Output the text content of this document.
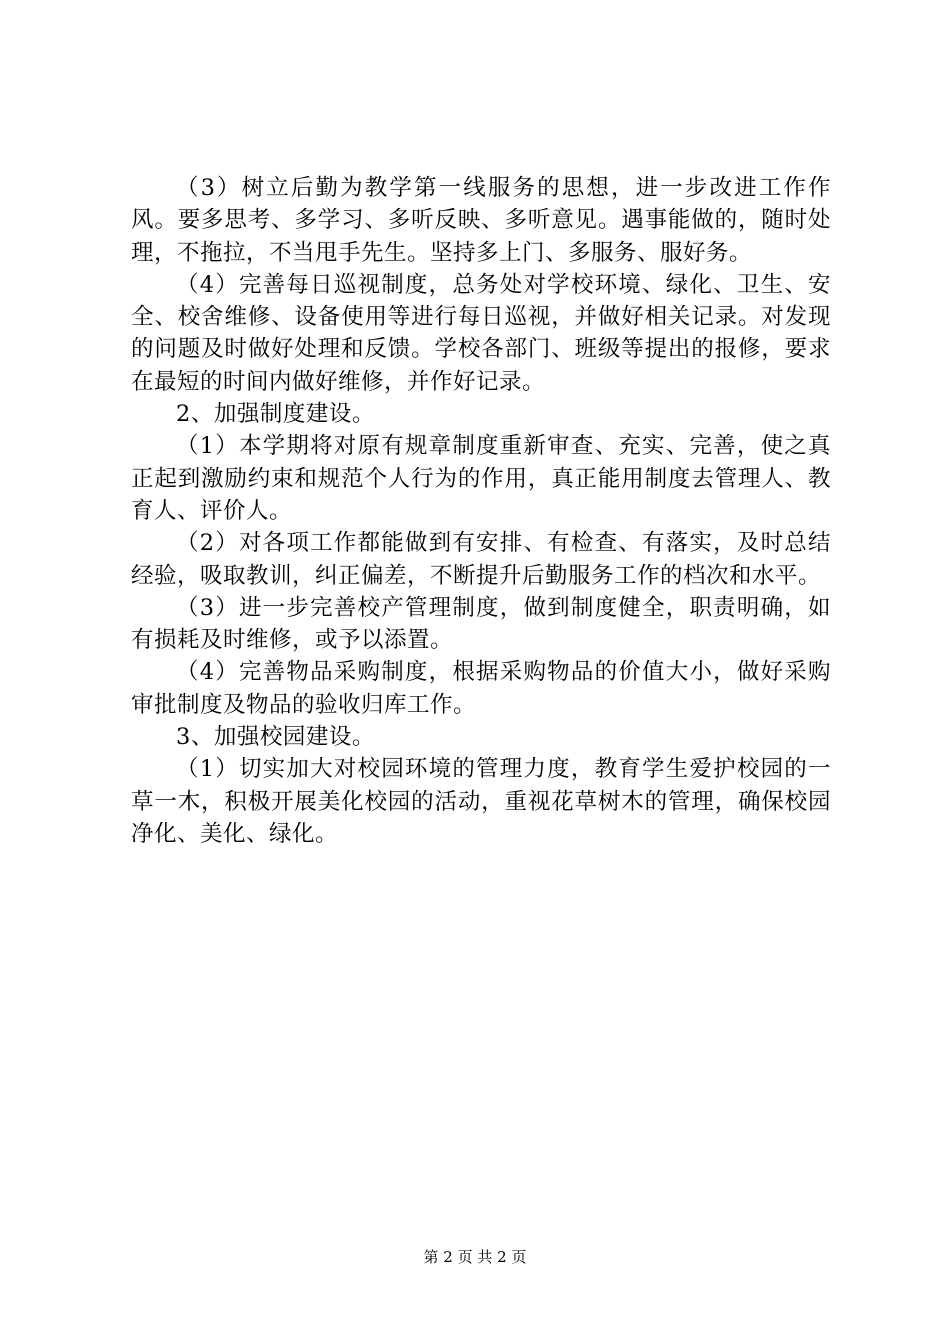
（3）树立后勤为教学第一线服务的思想，进一步改进工作作风。要多思考、多学习、多听反映、多听意见。遇事能做的，随时处理，不拖拉，不当甩手先生。坚持多上门、多服务、服好务。

（4）完善每日巡视制度，总务处对学校环境、绿化、卫生、安全、校舍维修、设备使用等进行每日巡视，并做好相关记录。对发现的问题及时做好处理和反馈。学校各部门、班级等提出的报修，要求在最短的时间内做好维修，并作好记录。

2、加强制度建设。

（1）本学期将对原有规章制度重新审查、充实、完善，使之真正起到激励约束和规范个人行为的作用，真正能用制度去管理人、教育人、评价人。

（2）对各项工作都能做到有安排、有检查、有落实，及时总结经验，吸取教训，纠正偏差，不断提升后勤服务工作的档次和水平。

（3）进一步完善校产管理制度，做到制度健全，职责明确，如有损耗及时维修，或予以添置。

（4）完善物品采购制度，根据采购物品的价值大小，做好采购审批制度及物品的验收归库工作。

3、加强校园建设。

（1）切实加大对校园环境的管理力度，教育学生爱护校园的一草一木，积极开展美化校园的活动，重视花草树木的管理，确保校园净化、美化、绿化。

第 2 页 共 2 页
